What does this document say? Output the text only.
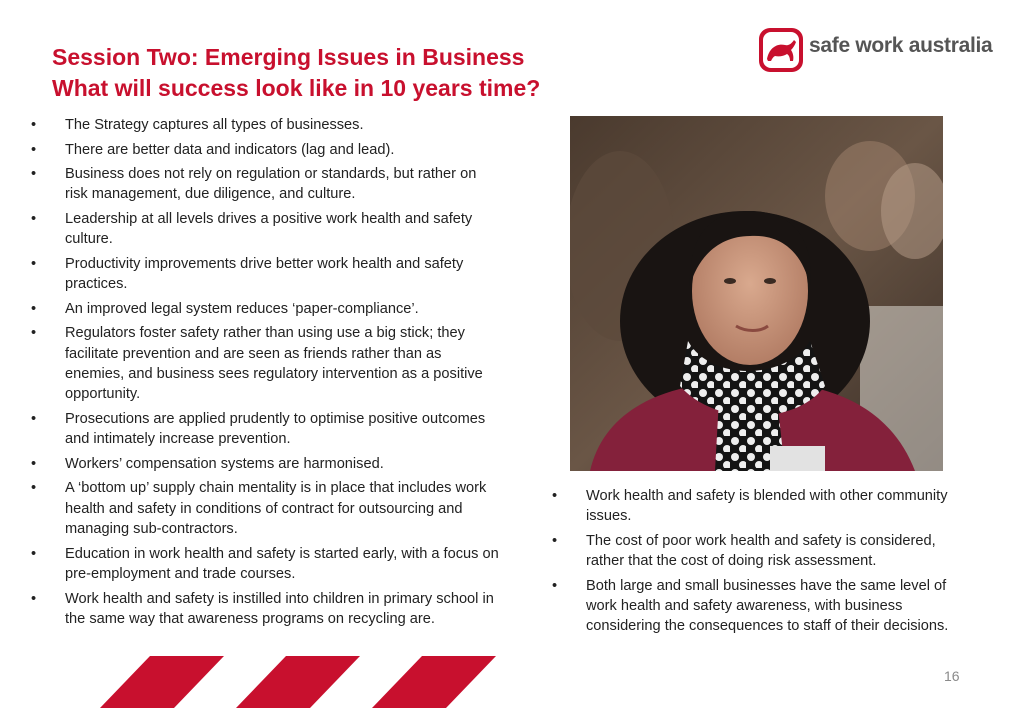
Session Two: Emerging Issues in Business
What will success look like in 10 years time?
safe work australia
• The Strategy captures all types of businesses.
• There are better data and indicators (lag and lead).
• Business does not rely on regulation or standards, but rather on risk management, due diligence, and culture.
• Leadership at all levels drives a positive work health and safety culture.
• Productivity improvements drive better work health and safety practices.
• An improved legal system reduces ‘paper-compliance’.
• Regulators foster safety rather than using use a big stick; they facilitate prevention and are seen as friends rather than as enemies, and business sees regulatory intervention as a positive opportunity.
• Prosecutions are applied prudently to optimise positive outcomes and intimately increase prevention.
• Workers’ compensation systems are harmonised.
• A ‘bottom up’ supply chain mentality is in place that includes work health and safety in conditions of contract for outsourcing and managing sub-contractors.
• Education in work health and safety is started early, with a focus on pre-employment and trade courses.
• Work health and safety is instilled into children in primary school in the same way that awareness programs on recycling are.
• Work health and safety is blended with other community issues.
• The cost of poor work health and safety is considered, rather that the cost of doing risk assessment.
• Both large and small businesses have the same level of work health and safety awareness, with business considering the consequences to staff of their decisions.
16
